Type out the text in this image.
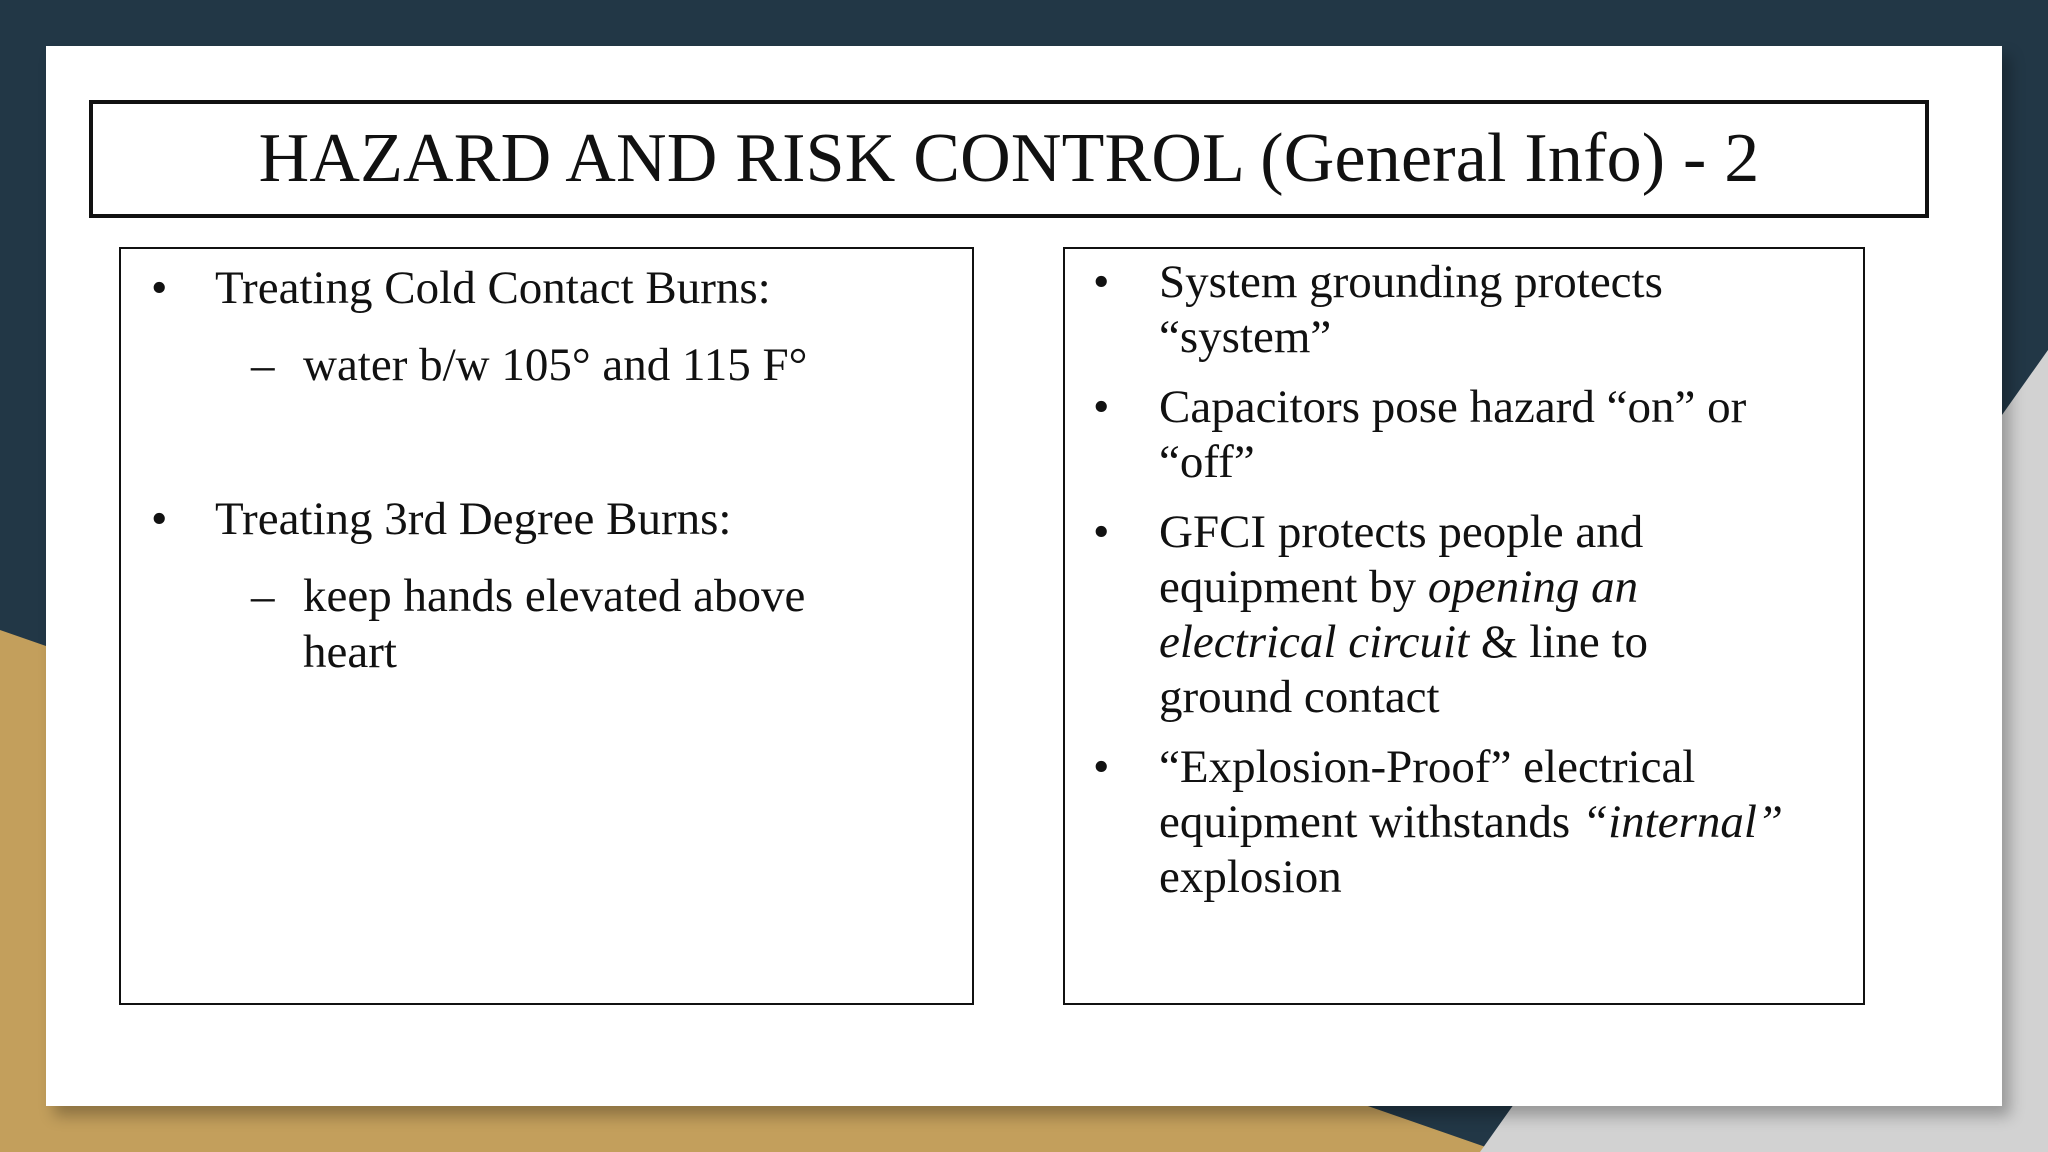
HAZARD AND RISK CONTROL (General Info) - 2
• Treating Cold Contact Burns:
– water b/w 105° and 115 F°
• Treating 3rd Degree Burns:
– keep hands elevated above
heart
• System grounding protects
“system”
• Capacitors pose hazard “on” or
“off”
• GFCI protects people and
equipment by opening an
electrical circuit & line to
ground contact
• “Explosion-Proof” electrical
equipment withstands “internal”
explosion
